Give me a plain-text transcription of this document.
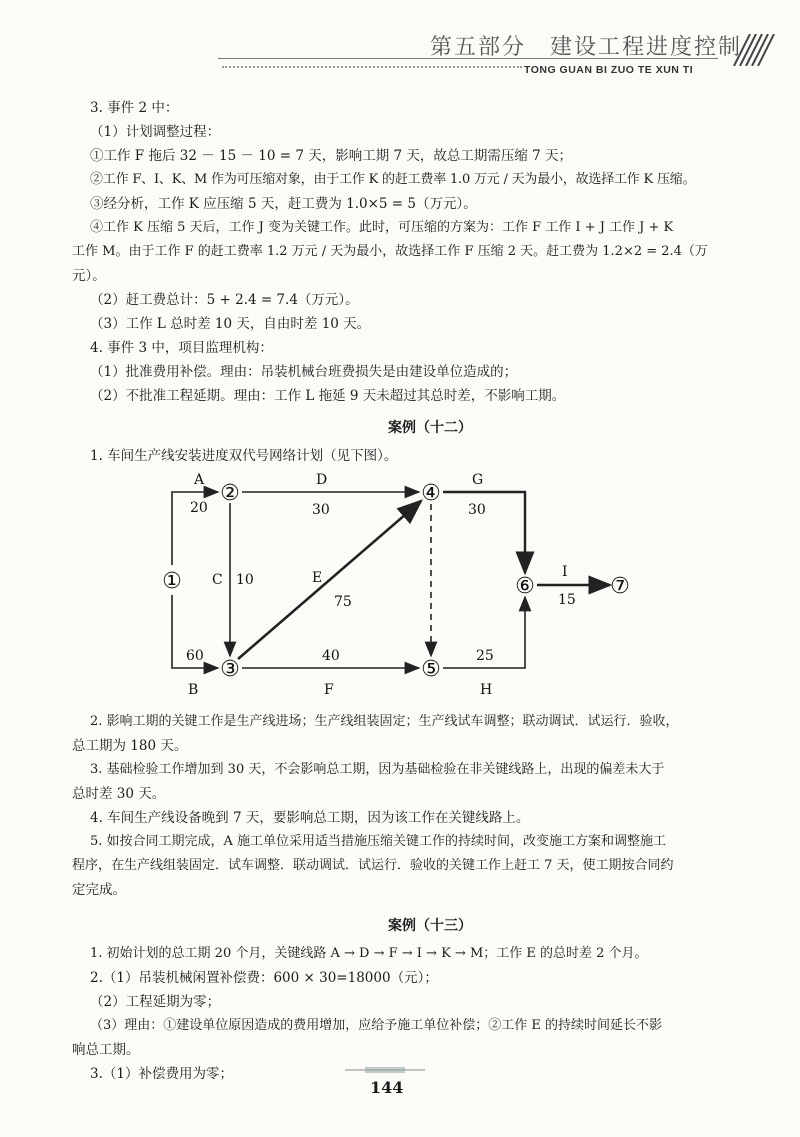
第五部分　建设工程进度控制
TONG GUAN BI ZUO TE XUN TI

3. 事件 2 中：

（1）计划调整过程：

①工作 F 拖后 32 － 15 － 10 = 7 天，影响工期 7 天，故总工期需压缩 7 天；

②工作 F、I、K、M 作为可压缩对象，由于工作 K 的赶工费率 1.0 万元 / 天为最小，故选择工作 K 压缩。

③经分析，工作 K 应压缩 5 天，赶工费为 1.0×5 = 5（万元）。

④工作 K 压缩 5 天后，工作 J 变为关键工作。此时，可压缩的方案为：工作 F 工作 I + J 工作 J + K

工作 M。由于工作 F 的赶工费率 1.2 万元 / 天为最小，故选择工作 F 压缩 2 天。赶工费为 1.2×2 = 2.4（万

元）。

（2）赶工费总计：5 + 2.4 = 7.4（万元）。

（3）工作 L 总时差 10 天，自由时差 10 天。

4. 事件 3 中，项目监理机构：

（1）批准费用补偿。理由：吊装机械台班费损失是由建设单位造成的；

（2）不批准工程延期。理由：工作 L 拖延 9 天未超过其总时差，不影响工期。

案例（十二）

1. 车间生产线安装进度双代号网络计划（见下图）。

①
②
③
④
⑤
⑥	⑦
A
20
B
60
C 10
D
30
E
75
F
40
G
30
H
25
I
15

2. 影响工期的关键工作是生产线进场；生产线组装固定；生产线试车调整；联动调试．试运行．验收，

总工期为 180 天。

3. 基础检验工作增加到 30 天，不会影响总工期，因为基础检验在非关键线路上，出现的偏差未大于

总时差 30 天。

4. 车间生产线设备晚到 7 天，要影响总工期，因为该工作在关键线路上。

5. 如按合同工期完成，A 施工单位采用适当措施压缩关键工作的持续时间，改变施工方案和调整施工

程序，在生产线组装固定．试车调整．联动调试．试运行．验收的关键工作上赶工 7 天，使工期按合同约

定完成。

案例（十三）

1. 初始计划的总工期 20 个月，关键线路 A → D → F → I → K → M；工作 E 的总时差 2 个月。

2.（1）吊装机械闲置补偿费：600 × 30=18000（元）；

（2）工程延期为零；

（3）理由：①建设单位原因造成的费用增加，应给予施工单位补偿；②工作 E 的持续时间延长不影

响总工期。

3.（1）补偿费用为零；

144
